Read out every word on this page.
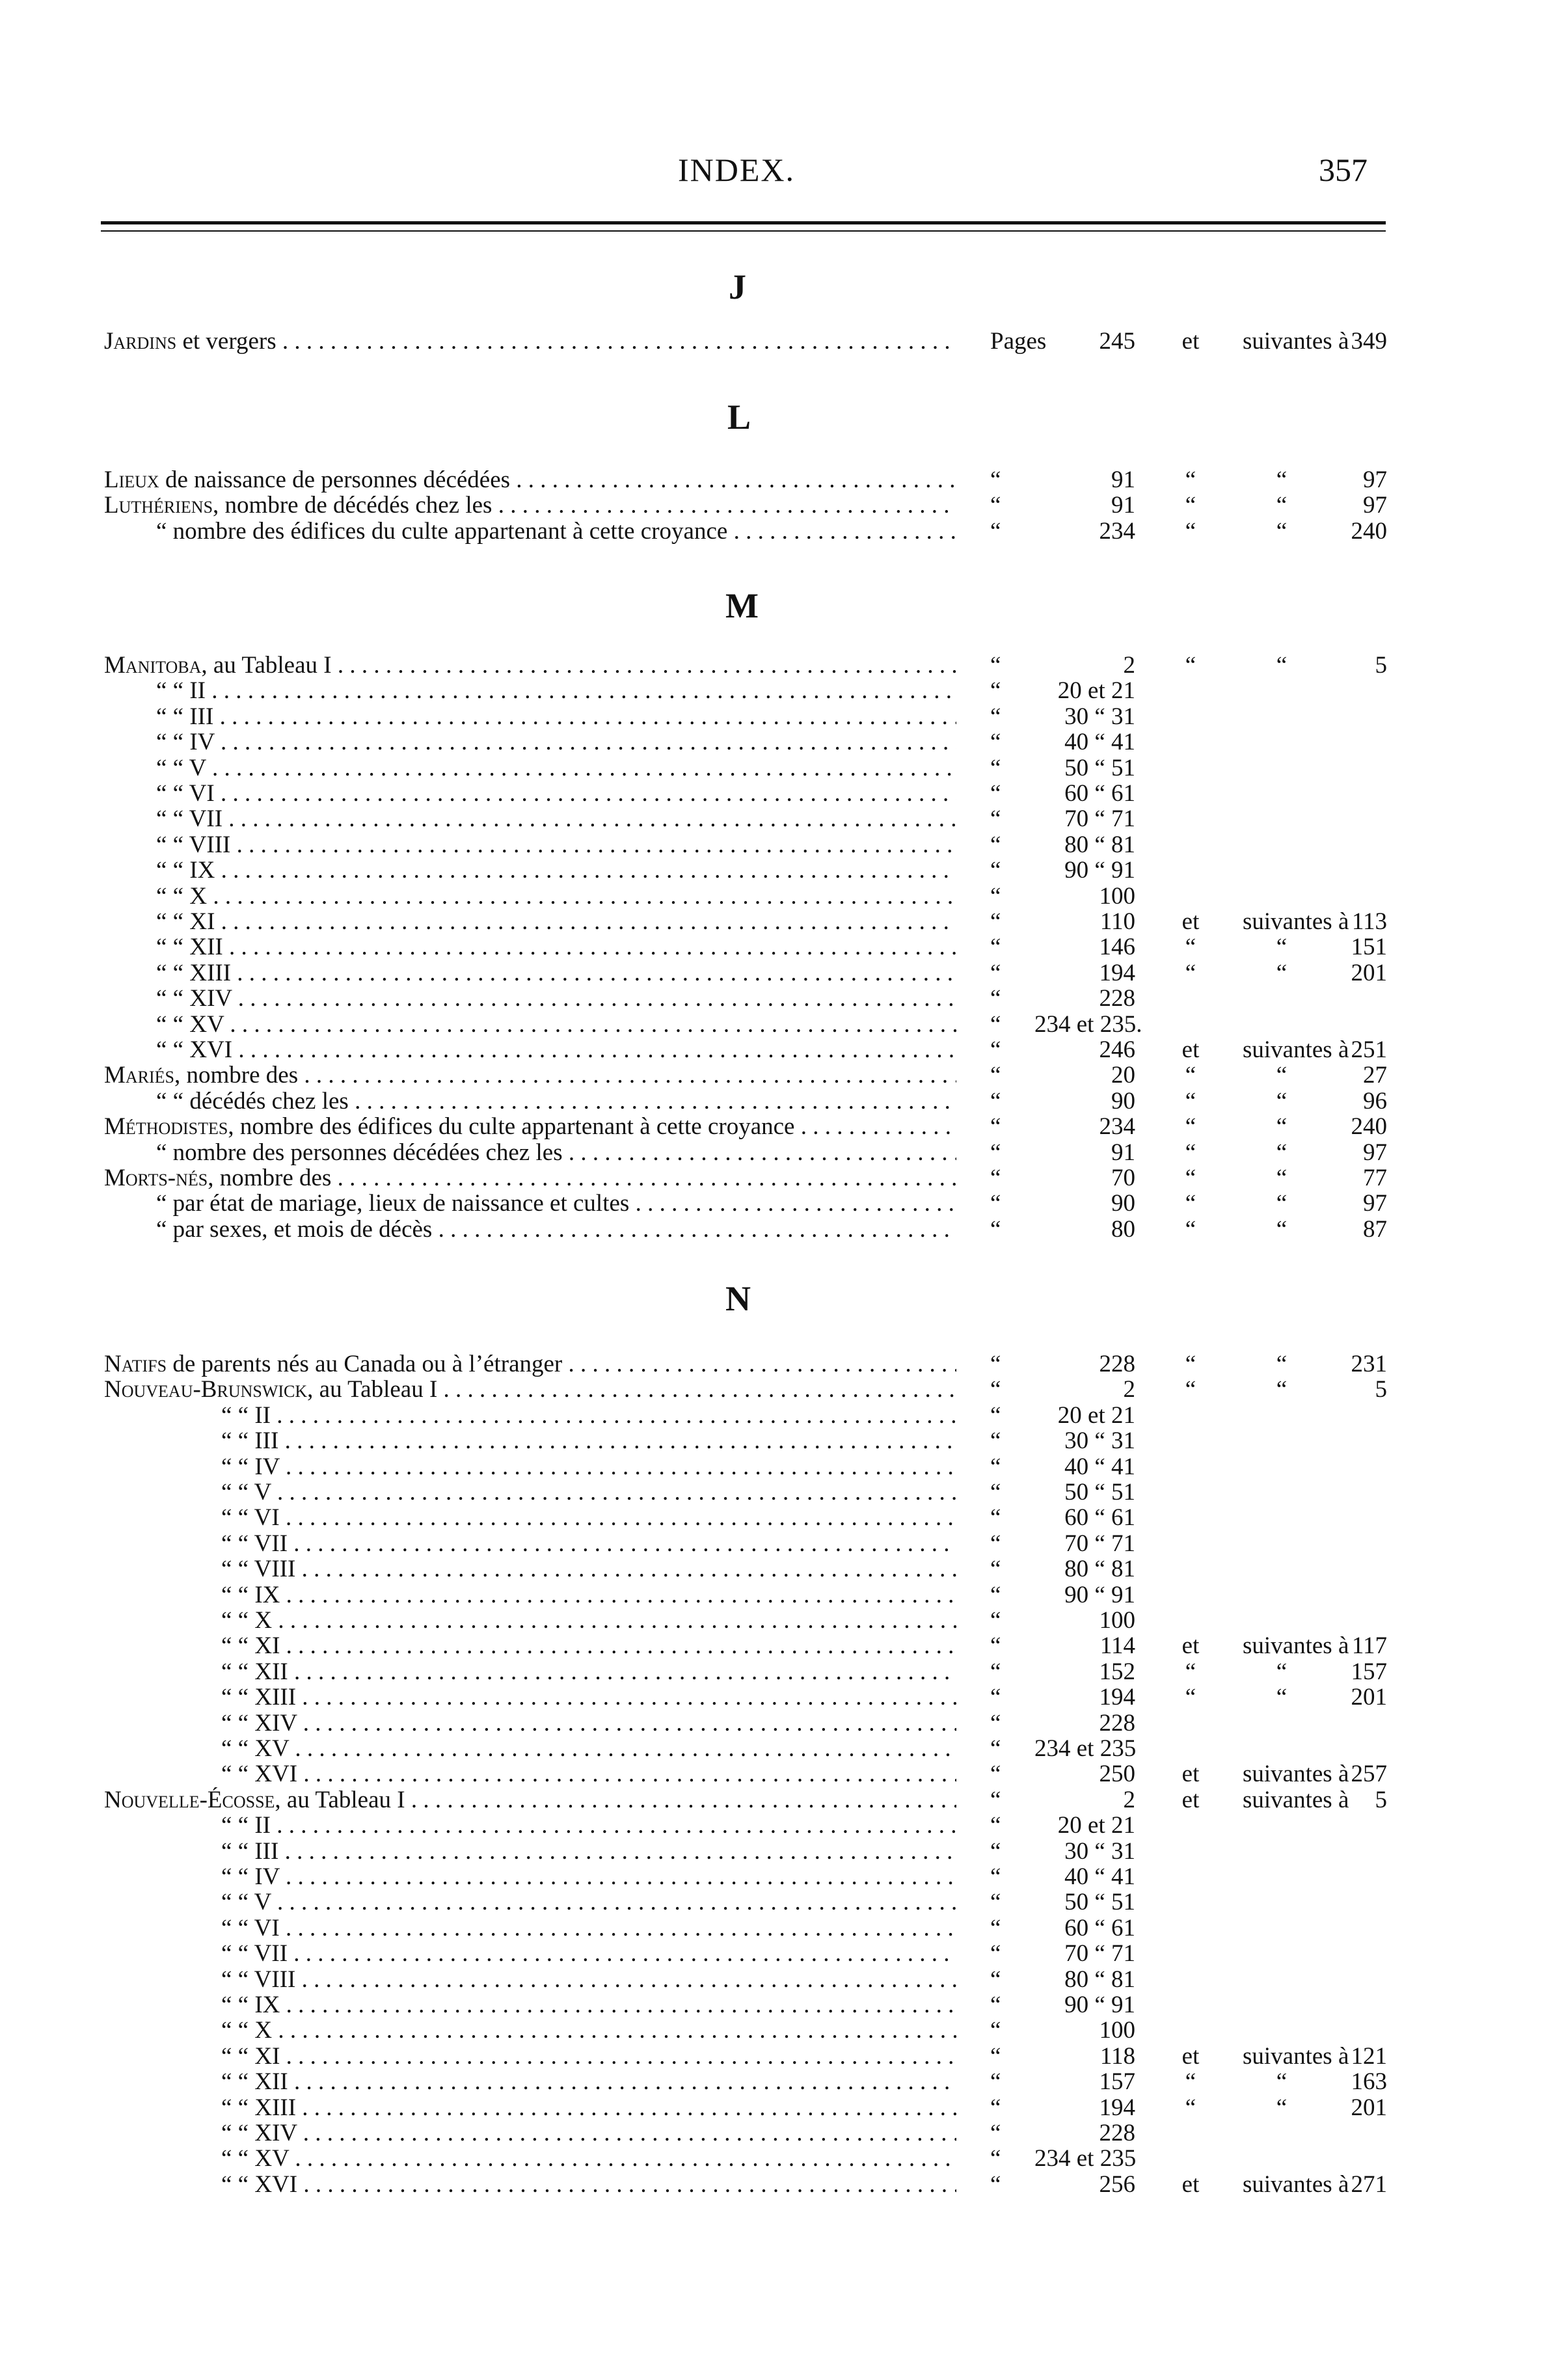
INDEX.	357
Jardins et vergers . . .	Pages	245	et	suivantes à 349
Lieux de naissance de personnes décédées . . .	“	91	“	“	97
Luthériens, nombre de décédés chez les . . .	“	91	“	“	97
“ nombre des édifices du culte appartenant à cette croyance . . .	“	234	“	“	240
Manitoba, au Tableau I . . .	“	2	“	“	5
“ “ II . . .	“	20 et 21
“ “ III . . .	“	30 “ 31
“ “ IV . . .	“	40 “ 41
“ “ V . . .	“	50 “ 51
“ “ VI . . .	“	60 “ 61
“ “ VII . . .	“	70 “ 71
“ “ VIII . . .	“	80 “ 81
“ “ IX . . .	“	90 “ 91
“ “ X . . .	“	100
“ “ XI . . .	“	110	et	suivantes à 113
“ “ XII . . .	“	146	“	“	151
“ “ XIII . . .	“	194	“	“	201
“ “ XIV . . .	“	228
“ “ XV . . .	“ 234 et 235.
“ “ XVI . . .	“	246	et	suivantes à 251
Mariés, nombre des . . .	“	20	“	“	27
“ “ décédés chez les . . .	“	90	“	“	96
Méthodistes, nombre des édifices du culte appartenant à cette croyance . . .	“	234	“	“	240
“ nombre des personnes décédées chez les . . .	“	91	“	“	97
Morts-nés, nombre des . . .	“	70	“	“	77
“ par état de mariage, lieux de naissance et cultes . . .	“	90	“	“	97
“ par sexes, et mois de décès . . .	“	80	“	“	87
Natifs de parents nés au Canada ou à l’étranger . . .	“	228	“	“	231
Nouveau-Brunswick, au Tableau I . . .	“	2	“	“	5
“ “ II . . .	“	20 et 21
“ “ III . . .	“	30 “ 31
“ “ IV . . .	“	40 “ 41
“ “ V . . .	“	50 “ 51
“ “ VI . . .	“	60 “ 61
“ “ VII . . .	“	70 “ 71
“ “ VIII . . .	“	80 “ 81
“ “ IX . . .	“	90 “ 91
“ “ X . . .	“	100
“ “ XI . . .	“	114	et	suivantes à 117
“ “ XII . . .	“	152	“	“	157
“ “ XIII . . .	“	194	“	“	201
“ “ XIV . . .	“	228
“ “ XV . . .	“ 234 et 235
“ “ XVI . . .	“	250	et	suivantes à 257
Nouvelle-Écosse, au Tableau I . . .	“	2	et	suivantes à	5
“ “ II . . .	“	20 et 21
“ “ III . . .	“	30 “ 31
“ “ IV . . .	“	40 “ 41
“ “ V . . .	“	50 “ 51
“ “ VI . . .	“	60 “ 61
“ “ VII . . .	“	70 “ 71
“ “ VIII . . .	“	80 “ 81
“ “ IX . . .	“	90 “ 91
“ “ X . . .	“	100
“ “ XI . . .	“	118	et	suivantes à 121
“ “ XII . . .	“	157	“	“	163
“ “ XIII . . .	“	194	“	“	201
“ “ XIV . . .	“	228
“ “ XV . . .	“ 234 et 235
“ “ XVI . . .	“	256	et	suivantes à 271
J
L
M
N
